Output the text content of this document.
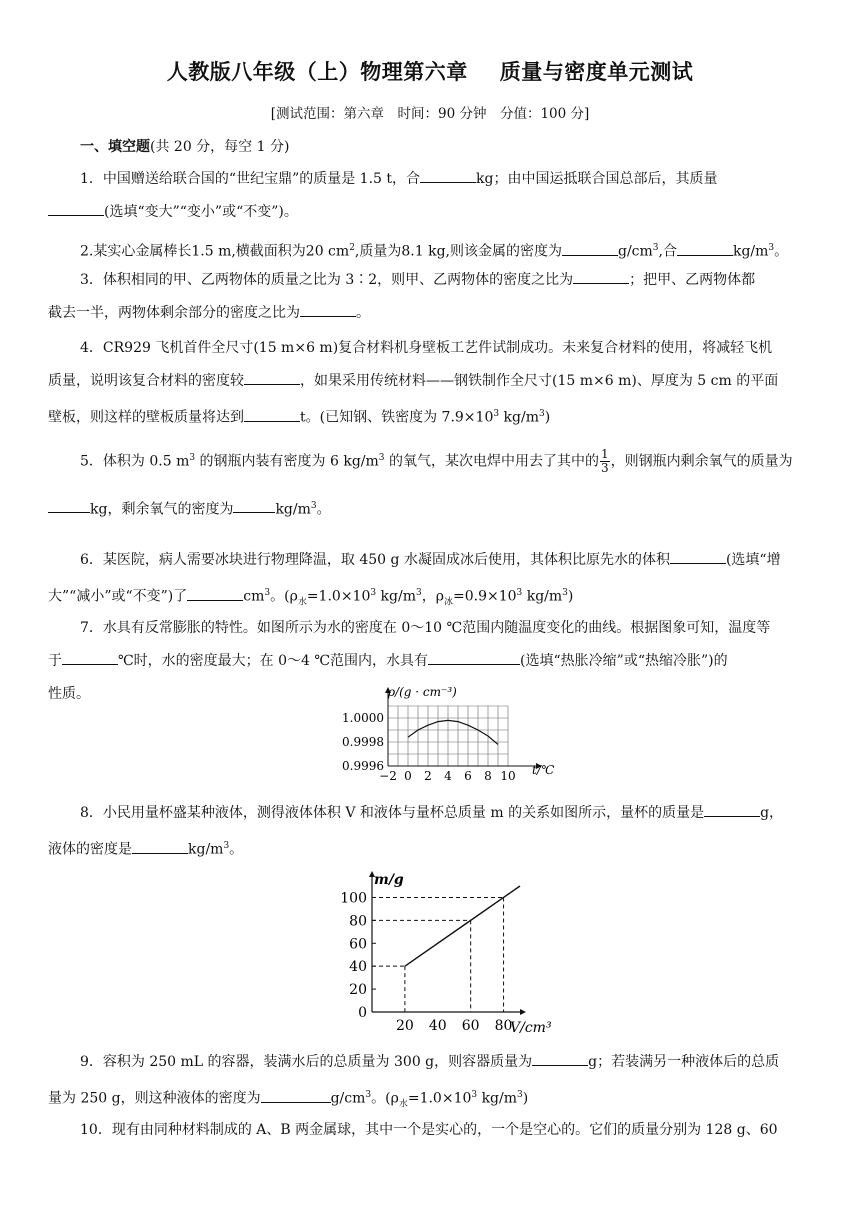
人教版八年级（上）物理第六章 质量与密度单元测试
[测试范围：第六章　时间：90 分钟　分值：100 分]
一、填空题(共 20 分，每空 1 分)
1．中国赠送给联合国的“世纪宝鼎”的质量是 1.5 t，合	kg；由中国运抵联合国总部后，其质量
(选填“变大”“变小”或“不变”)。
2.某实心金属棒长1.5 m,横截面积为20 $cm^2$,质量为8.1 kg,则该金属的密度为	$g/cm^3$,合	$kg/m^3$。
3．体积相同的甲、乙两物体的质量之比为 3∶2，则甲、乙两物体的密度之比为	；把甲、乙两物体都
截去一半，两物体剩余部分的密度之比为	。
4．CR929 飞机首件全尺寸(15 m×6 m)复合材料机身壁板工艺件试制成功。未来复合材料的使用，将减轻飞机
质量，说明该复合材料的密度较	，如果采用传统材料——钢铁制作全尺寸(15 m×6 m)、厚度为 5 cm 的平面
壁板，则这样的壁板质量将达到	t。(已知钢、铁密度为 $7.9\times 10^3$ $kg/m^3$)
5．体积为 0.5 $m^3$ 的钢瓶内装有密度为 6 $kg/m^3$ 的氧气，某次电焊中用去了其中的 $\frac{1}{3}$ ，则钢瓶内剩余氧气的质量为
kg，剩余氧气的密度为	$kg/m^3$。
6．某医院，病人需要冰块进行物理降温，取 450 g 水凝固成冰后使用，其体积比原先水的体积	(选填“增
大”“减小”或“不变”)了	$cm^3$。($\rho_水=1.0\times 10^3$ $kg/m^3$，$\rho_冰=0.9\times 10^3$ $kg/m^3$)
7．水具有反常膨胀的特性。如图所示为水的密度在 0～10 ℃范围内随温度变化的曲线。根据图象可知，温度等
于	℃时，水的密度最大；在 0～4 ℃范围内，水具有	(选填“热胀冷缩”或“热缩冷胀”)的
性质。
−2 0 2 4 6 8 10
1.0000
0.9998
0.9996
ρ/(g · cm⁻³)
t/℃
8．小民用量杯盛某种液体，测得液体体积 V 和液体与量杯总质量 m 的关系如图所示，量杯的质量是	g，
液体的密度是	$kg/m^3$。
20 40 60 80
0
20
40
60
80
100
m/g
V/cm³
9．容积为 250 mL 的容器，装满水后的总质量为 300 g，则容器质量为	g；若装满另一种液体后的总质
量为 250 g，则这种液体的密度为	$g/cm^3$。($\rho_水=1.0\times 10^3$ $kg/m^3$)
10．现有由同种材料制成的 A、B 两金属球，其中一个是实心的，一个是空心的。它们的质量分别为 128 g、60
